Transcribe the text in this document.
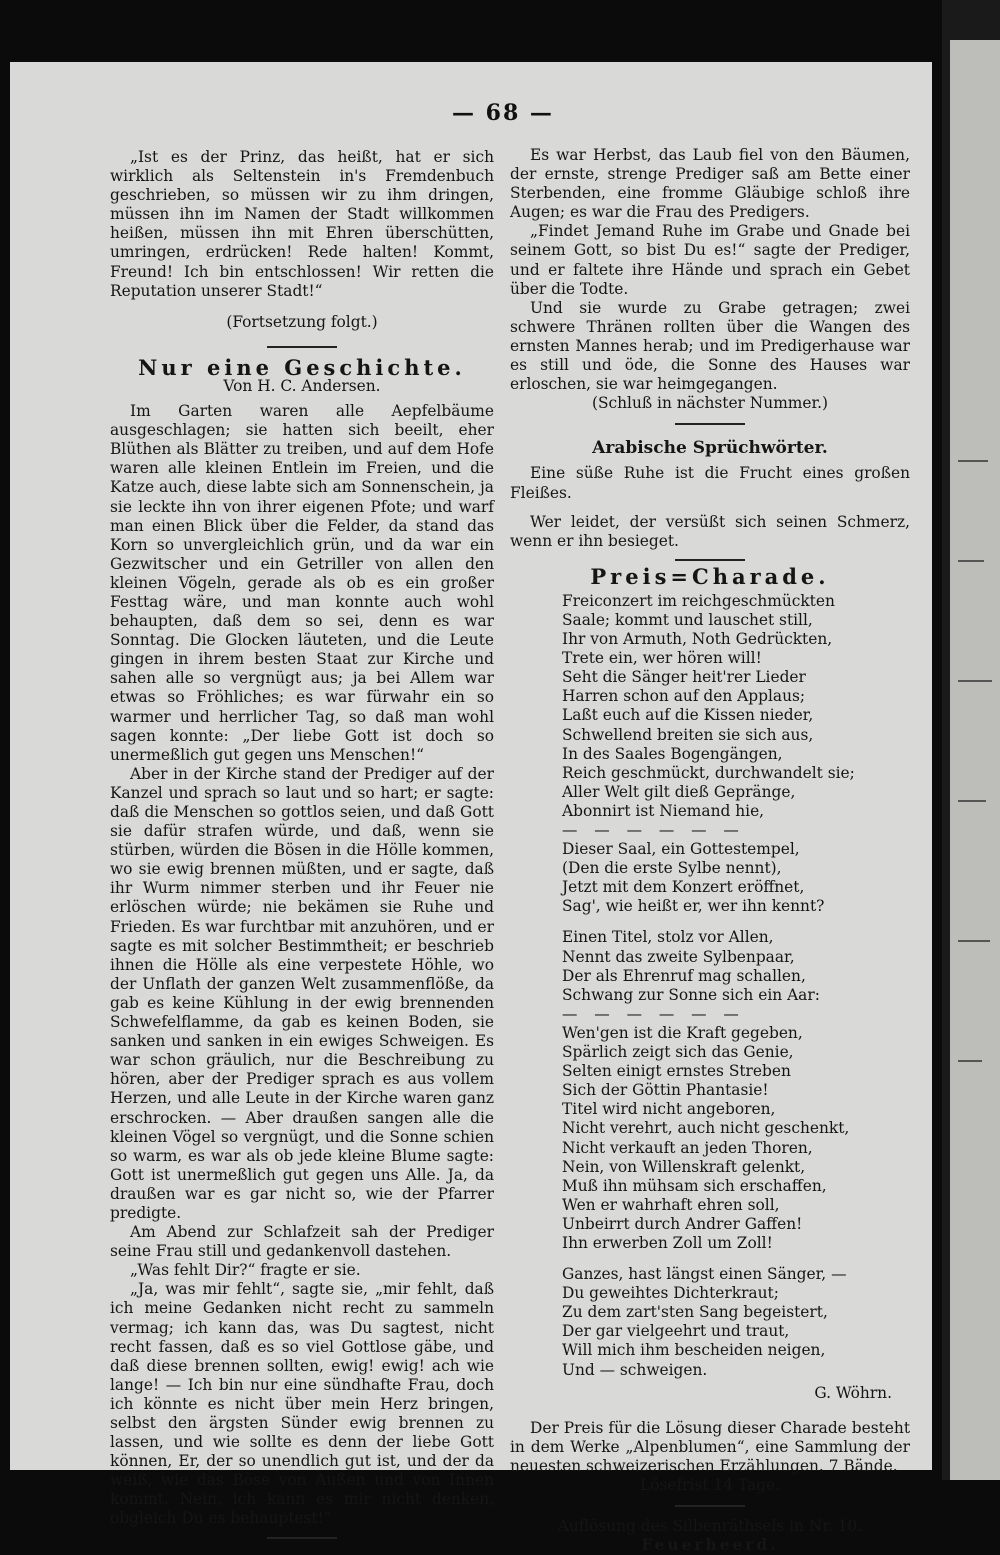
— 68 —

„Ist es der Prinz, das heißt, hat er sich wirklich als Seltenstein in's Fremdenbuch geschrieben, so müssen wir zu ihm dringen, müssen ihn im Namen der Stadt willkommen heißen, müssen ihn mit Ehren überschütten, umringen, erdrücken! Rede halten! Kommt, Freund! Ich bin entschlossen! Wir retten die Reputation unserer Stadt!“

(Fortsetzung folgt.)

Nur eine Geschichte.

Von H. C. Andersen.

Im Garten waren alle Aepfelbäume ausgeschlagen; sie hatten sich beeilt, eher Blüthen als Blätter zu treiben, und auf dem Hofe waren alle kleinen Entlein im Freien, und die Katze auch, diese labte sich am Sonnenschein, ja sie leckte ihn von ihrer eigenen Pfote; und warf man einen Blick über die Felder, da stand das Korn so unvergleichlich grün, und da war ein Gezwitscher und ein Getriller von allen den kleinen Vögeln, gerade als ob es ein großer Festtag wäre, und man konnte auch wohl behaupten, daß dem so sei, denn es war Sonntag. Die Glocken läuteten, und die Leute gingen in ihrem besten Staat zur Kirche und sahen alle so vergnügt aus; ja bei Allem war etwas so Fröhliches; es war fürwahr ein so warmer und herrlicher Tag, so daß man wohl sagen konnte: „Der liebe Gott ist doch so unermeßlich gut gegen uns Menschen!“

Aber in der Kirche stand der Prediger auf der Kanzel und sprach so laut und so hart; er sagte: daß die Menschen so gottlos seien, und daß Gott sie dafür strafen würde, und daß, wenn sie stürben, würden die Bösen in die Hölle kommen, wo sie ewig brennen müßten, und er sagte, daß ihr Wurm nimmer sterben und ihr Feuer nie erlöschen würde; nie bekämen sie Ruhe und Frieden. Es war furchtbar mit anzuhören, und er sagte es mit solcher Bestimmtheit; er beschrieb ihnen die Hölle als eine verpestete Höhle, wo der Unflath der ganzen Welt zusammenflöße, da gab es keine Kühlung in der ewig brennenden Schwefelflamme, da gab es keinen Boden, sie sanken und sanken in ein ewiges Schweigen. Es war schon gräulich, nur die Beschreibung zu hören, aber der Prediger sprach es aus vollem Herzen, und alle Leute in der Kirche waren ganz erschrocken. — Aber draußen sangen alle die kleinen Vögel so vergnügt, und die Sonne schien so warm, es war als ob jede kleine Blume sagte: Gott ist unermeßlich gut gegen uns Alle. Ja, da draußen war es gar nicht so, wie der Pfarrer predigte.

Am Abend zur Schlafzeit sah der Prediger seine Frau still und gedankenvoll dastehen.

„Was fehlt Dir?“ fragte er sie.

„Ja, was mir fehlt“, sagte sie, „mir fehlt, daß ich meine Gedanken nicht recht zu sammeln vermag; ich kann das, was Du sagtest, nicht recht fassen, daß es so viel Gottlose gäbe, und daß diese brennen sollten, ewig! ewig! ach wie lange! — Ich bin nur eine sündhafte Frau, doch ich könnte es nicht über mein Herz bringen, selbst den ärgsten Sünder ewig brennen zu lassen, und wie sollte es denn der liebe Gott können, Er, der so unendlich gut ist, und der da weiß, wie das Böse von Außen und von Innen kommt. Nein, ich kann es mir nicht denken, obgleich Du es behauptest!“

Es war Herbst, das Laub fiel von den Bäumen, der ernste, strenge Prediger saß am Bette einer Sterbenden, eine fromme Gläubige schloß ihre Augen; es war die Frau des Predigers.

„Findet Jemand Ruhe im Grabe und Gnade bei seinem Gott, so bist Du es!“ sagte der Prediger, und er faltete ihre Hände und sprach ein Gebet über die Todte.

Und sie wurde zu Grabe getragen; zwei schwere Thränen rollten über die Wangen des ernsten Mannes herab; und im Predigerhause war es still und öde, die Sonne des Hauses war erloschen, sie war heimgegangen.

(Schluß in nächster Nummer.)

Arabische Sprüchwörter.

Eine süße Ruhe ist die Frucht eines großen Fleißes.

Wer leidet, der versüßt sich seinen Schmerz, wenn er ihn besieget.

Preis=Charade.
Freiconzert im reichgeschmückten
Saale; kommt und lauschet still,
Ihr von Armuth, Noth Gedrückten,
Trete ein, wer hören will!
Seht die Sänger heit'rer Lieder
Harren schon auf den Applaus;
Laßt euch auf die Kissen nieder,
Schwellend breiten sie sich aus,
In des Saales Bogengängen,
Reich geschmückt, durchwandelt sie;
Aller Welt gilt dieß Gepränge,
Abonnirt ist Niemand hie,
— — — — — —
Dieser Saal, ein Gottestempel,
(Den die erste Sylbe nennt),
Jetzt mit dem Konzert eröffnet,
Sag', wie heißt er, wer ihn kennt?
Einen Titel, stolz vor Allen,
Nennt das zweite Sylbenpaar,
Der als Ehrenruf mag schallen,
Schwang zur Sonne sich ein Aar:
— — — — — —
Wen'gen ist die Kraft gegeben,
Spärlich zeigt sich das Genie,
Selten einigt ernstes Streben
Sich der Göttin Phantasie!
Titel wird nicht angeboren,
Nicht verehrt, auch nicht geschenkt,
Nicht verkauft an jeden Thoren,
Nein, von Willenskraft gelenkt,
Muß ihn mühsam sich erschaffen,
Wen er wahrhaft ehren soll,
Unbeirrt durch Andrer Gaffen!
Ihn erwerben Zoll um Zoll!
Ganzes, hast längst einen Sänger, —
Du geweihtes Dichterkraut;
Zu dem zart'sten Sang begeistert,
Der gar vielgeehrt und traut,
Will mich ihm bescheiden neigen,
Und — schweigen.
G. Wöhrn.

Der Preis für die Lösung dieser Charade besteht in dem Werke „Alpenblumen“, eine Sammlung der neuesten schweizerischen Erzählungen. 7 Bände.

Lösefrist 14 Tage.

Auflösung des Silbenräthsels in Nr. 10.

Feuerheerd.
